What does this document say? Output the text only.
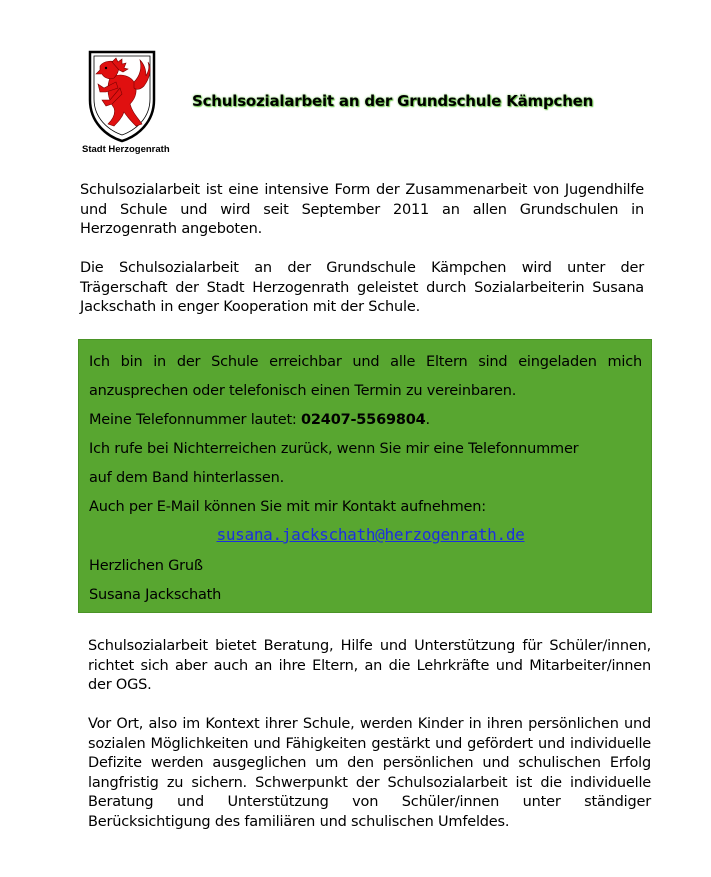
Stadt Herzogenrath
Schulsozialarbeit an der Grundschule Kämpchen
Schulsozialarbeit ist eine intensive Form der Zusammenarbeit von Jugendhilfe und Schule und wird seit September 2011 an allen Grundschulen in Herzogenrath angeboten.
Die Schulsozialarbeit an der Grundschule Kämpchen wird unter der Trägerschaft der Stadt Herzogenrath geleistet durch Sozialarbeiterin Susana Jackschath in enger Kooperation mit der Schule.
Ich bin in der Schule erreichbar und alle Eltern sind eingeladen mich
anzusprechen oder telefonisch einen Termin zu vereinbaren.
Meine Telefonnummer lautet: 02407-5569804.
Ich rufe bei Nichterreichen zurück, wenn Sie mir eine Telefonnummer
auf dem Band hinterlassen.
Auch per E-Mail können Sie mit mir Kontakt aufnehmen:
susana.jackschath@herzogenrath.de
Herzlichen Gruß
Susana Jackschath
Schulsozialarbeit bietet Beratung, Hilfe und Unterstützung für Schüler/innen, richtet sich aber auch an ihre Eltern, an die Lehrkräfte und Mitarbeiter/innen der OGS.
Vor Ort, also im Kontext ihrer Schule, werden Kinder in ihren persönlichen und sozialen Möglichkeiten und Fähigkeiten gestärkt und gefördert und individuelle Defizite werden ausgeglichen um den persönlichen und schulischen Erfolg langfristig zu sichern. Schwerpunkt der Schulsozialarbeit ist die individuelle Beratung und Unterstützung von Schüler/innen unter ständiger Berücksichtigung des familiären und schulischen Umfeldes.
